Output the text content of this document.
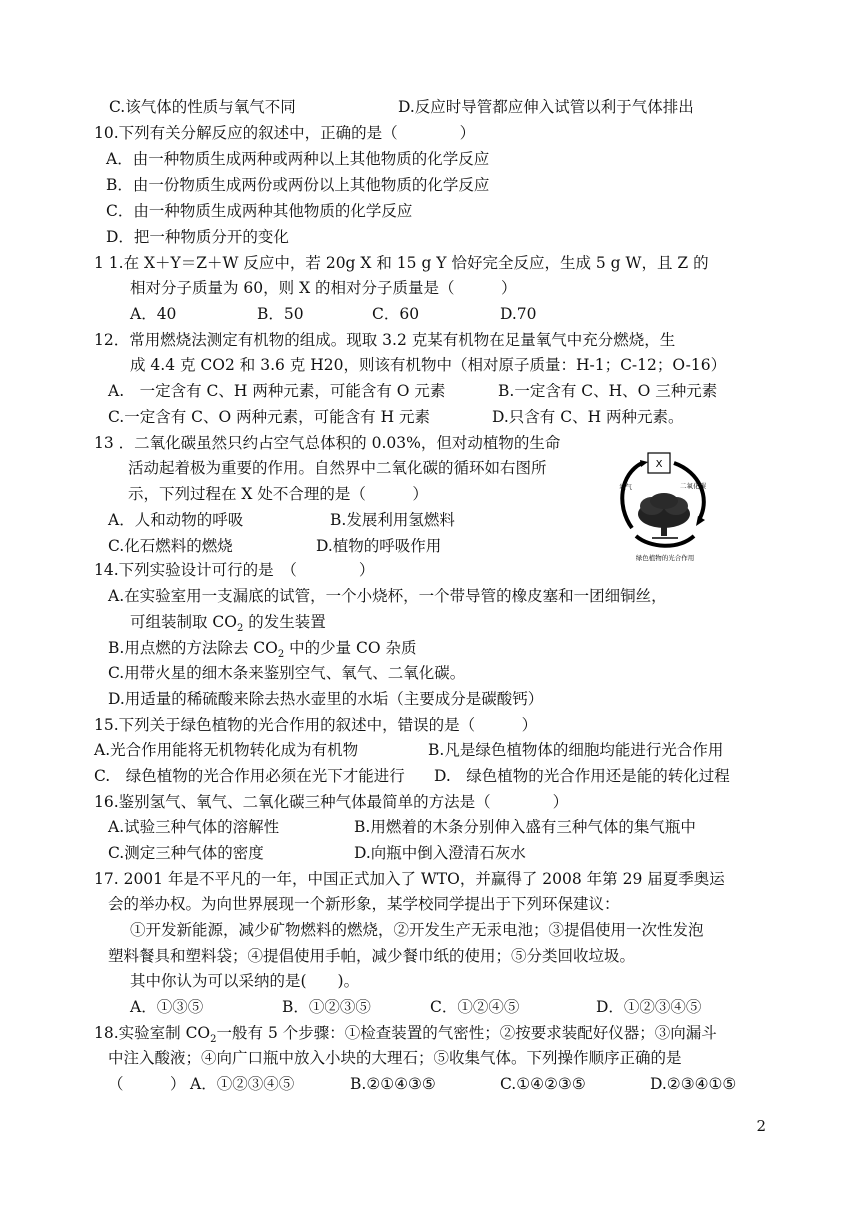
C.该气体的性质与氧气不同	D.反应时导管都应伸入试管以利于气体排出
10.下列有关分解反应的叙述中，正确的是（　　　　）
A．由一种物质生成两种或两种以上其他物质的化学反应
B．由一份物质生成两份或两份以上其他物质的化学反应
C．由一种物质生成两种其他物质的化学反应
D．把一种物质分开的变化
1 1.在 X＋Y＝Z＋W 反应中，若 20g X 和 15 g Y 恰好完全反应，生成 5 g W，且 Z 的
相对分子质量为 60，则 X 的相对分子质量是（　　　）
A．40	B．50	C．60	D.70
12．常用燃烧法测定有机物的组成。现取 3.2 克某有机物在足量氧气中充分燃烧，生
成 4.4 克 CO2 和 3.6 克 H20，则该有机物中（相对原子质量：H-1；C-12；O-16）
A.　一定含有 C、H 两种元素，可能含有 O 元素	B.一定含有 C、H、O 三种元素
C.一定含有 C、O 两种元素，可能含有 H 元素	D.只含有 C、H 两种元素。
13 ．二氧化碳虽然只约占空气总体积的 0.03%，但对动植物的生命
活动起着极为重要的作用。自然界中二氧化碳的循环如右图所
示，下列过程在 X 处不合理的是（　　　）
A．人和动物的呼吸	B.发展利用氢燃料
C.化石燃料的燃烧	D.植物的呼吸作用
X
氧气	二氧化碳
绿色植物的光合作用
14.下列实验设计可行的是　（　　　　）
A.在实验室用一支漏底的试管，一个小烧杯，一个带导管的橡皮塞和一团细铜丝，
可组装制取 $CO_2$ 的发生装置
B.用点燃的方法除去 $CO_2$ 中的少量 CO 杂质
C.用带火星的细木条来鉴别空气、氧气、二氧化碳。
D.用适量的稀硫酸来除去热水壶里的水垢（主要成分是碳酸钙）
15.下列关于绿色植物的光合作用的叙述中，错误的是（　　　）
A.光合作用能将无机物转化成为有机物	B.凡是绿色植物体的细胞均能进行光合作用
C.　绿色植物的光合作用必须在光下才能进行 D.　绿色植物的光合作用还是能的转化过程
16.鉴别氢气、氧气、二氧化碳三种气体最简单的方法是（　　　　）
A.试验三种气体的溶解性	B.用燃着的木条分别伸入盛有三种气体的集气瓶中
C.测定三种气体的密度	D.向瓶中倒入澄清石灰水
17. 2001 年是不平凡的一年，中国正式加入了 WTO，并赢得了 2008 年第 29 届夏季奥运
会的举办权。为向世界展现一个新形象，某学校同学提出于下列环保建议：
①开发新能源，减少矿物燃料的燃烧，②开发生产无汞电池；③提倡使用一次性发泡
塑料餐具和塑料袋；④提倡使用手帕，减少餐巾纸的使用；⑤分类回收垃圾。
其中你认为可以采纳的是(　　)。
A．①③⑤	B．①②③⑤	C．①②④⑤	D．①②③④⑤
18.实验室制 $CO_2$一般有 5 个步骤：①检查装置的气密性；②按要求装配好仪器；③向漏斗
中注入酸液；④向广口瓶中放入小块的大理石；⑤收集气体。下列操作顺序正确的是
（　　　） A．①②③④⑤	B.②①④③⑤	C.①④②③⑤	D.②③④①⑤
2
